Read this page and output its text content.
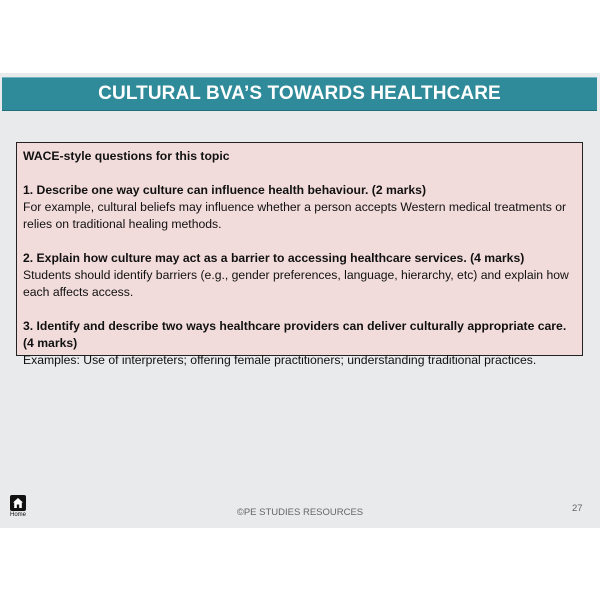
CULTURAL BVA’S TOWARDS HEALTHCARE
WACE-style questions for this topic
1. Describe one way culture can influence health behaviour. (2 marks)
For example, cultural beliefs may influence whether a person accepts Western medical treatments or relies on traditional healing methods.
2. Explain how culture may act as a barrier to accessing healthcare services. (4 marks)
Students should identify barriers (e.g., gender preferences, language, hierarchy, etc) and explain how each affects access.
3. Identify and describe two ways healthcare providers can deliver culturally appropriate care. (4 marks)
Examples: Use of interpreters; offering female practitioners; understanding traditional practices.
Home	©PE STUDIES RESOURCES	27
